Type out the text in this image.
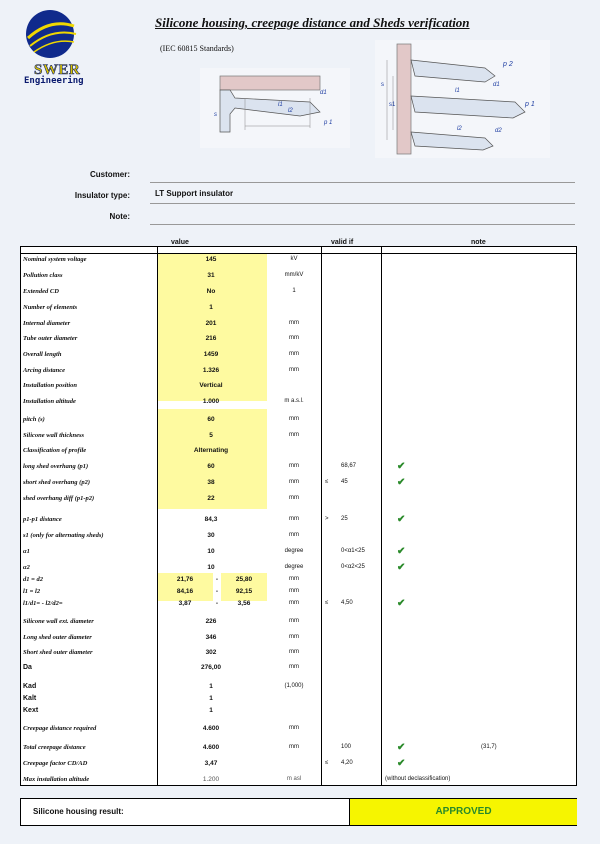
SWER
Engineering
Silicone housing, creepage distance and Sheds verification
(IEC 60815 Standards)
l1
d1
l2
s
p 1
s
s1
p 2
l1
d1
l2	d2
p 1
Customer:
Insulator type:	LT Support insulator
Note:
value	valid if	note
Nominal system voltage	145	kV
Pollution class	31	mm/kV
Extended CD	No	1
Number of elements	1
Internal diameter	201	mm
Tube outer diameter	216	mm
Overall length	1459	mm
Arcing distance	1.326	mm
Installation position	Vertical
Installation altitude	1.000	m a.s.l.
pitch (s)	60	mm
Silicone wall thickness	5	mm
Classification of profile	Alternating
long shed overhang (p1)	60	mm	68,67	✔
short shed overhang (p2)	38	mm	≤ 45	✔
shed overhang diff (p1-p2)	22	mm
p1-p1 distance	84,3	mm	> 25	✔
s1 (only for alternating sheds)	30	mm
α1	10	degree	0<α1<25	✔
α2	10	degree	0<α2<25	✔
d1 = d2	21,76	-	25,80	mm
l1 = l2	84,16	-	92,15	mm
l1/d1= - l2/d2=	3,87	-	3,56	mm	≤ 4,50	✔
Silicone wall ext. diameter	226	mm
Long shed outer diameter	346	mm
Short shed outer diameter	302	mm
Da	276,00	mm
Kad	1	(1,000)
Kalt	1
Kext	1
Creepage distance required	4.600	mm
Total creepage distance	4.600	mm	100	✔	(31,7)
Creepage factor CD/AD	3,47	≤ 4,20	✔
Max installation altitude	1.200	m asl	(without declassification)
Silicone housing result:	APPROVED
